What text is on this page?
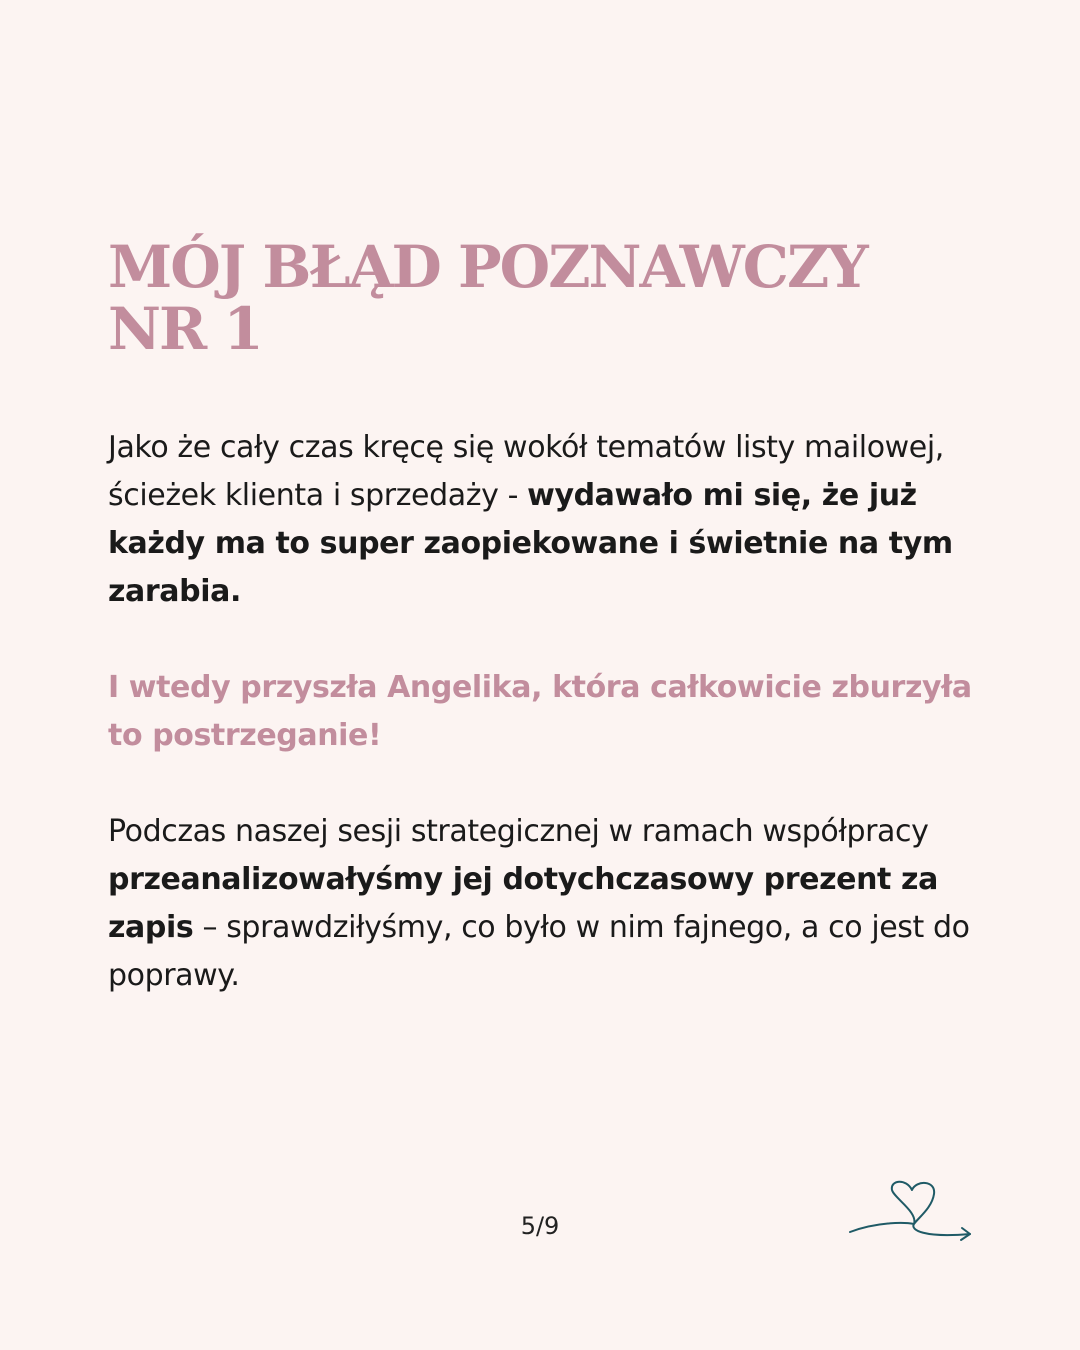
MÓJ BŁĄD POZNAWCZY
NR 1

Jako że cały czas kręcę się wokół tematów listy mailowej, ścieżek klienta i sprzedaży - wydawało mi się, że już każdy ma to super zaopiekowane i świetnie na tym zarabia.

I wtedy przyszła Angelika, która całkowicie zburzyła to postrzeganie!

Podczas naszej sesji strategicznej w ramach współpracy przeanalizowałyśmy jej dotychczasowy prezent za zapis – sprawdziłyśmy, co było w nim fajnego, a co jest do poprawy.

5/9
